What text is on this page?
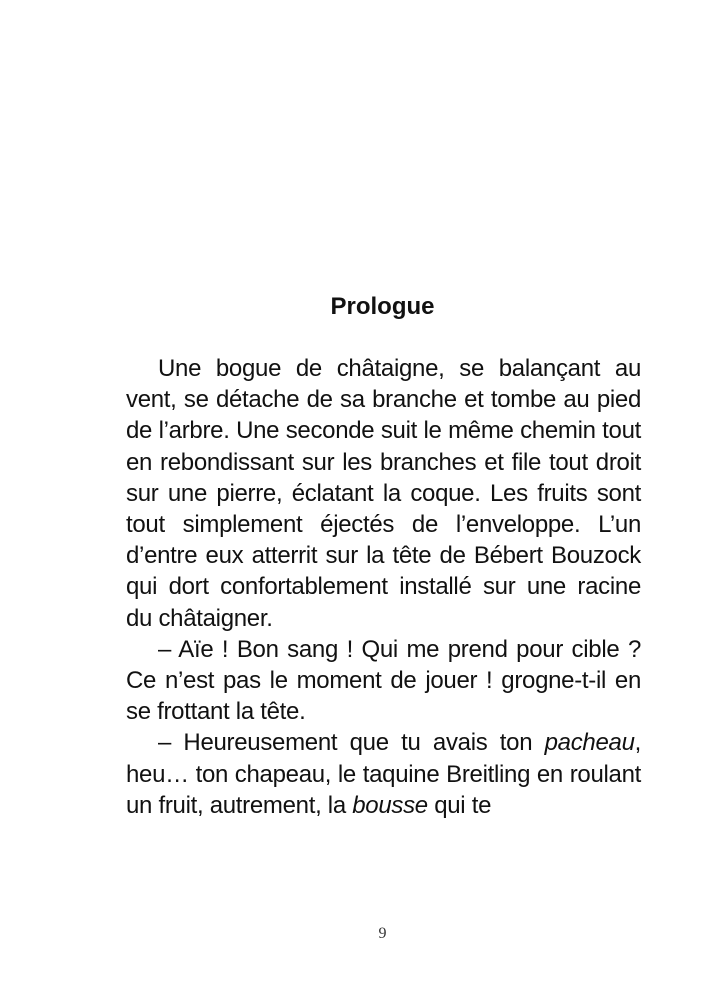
Prologue

Une bogue de châtaigne, se balançant au vent, se détache de sa branche et tombe au pied de l’arbre. Une seconde suit le même chemin tout en rebondissant sur les branches et file tout droit sur une pierre, éclatant la coque. Les fruits sont tout simplement éjectés de l’enveloppe. L’un d’entre eux atterrit sur la tête de Bébert Bouzock qui dort confortablement installé sur une racine du châtaigner.

– Aïe ! Bon sang ! Qui me prend pour cible ? Ce n’est pas le moment de jouer ! grogne-t-il en se frottant la tête.

– Heureusement que tu avais ton pacheau, heu… ton chapeau, le taquine Breitling en roulant un fruit, autrement, la bousse qui te

9
